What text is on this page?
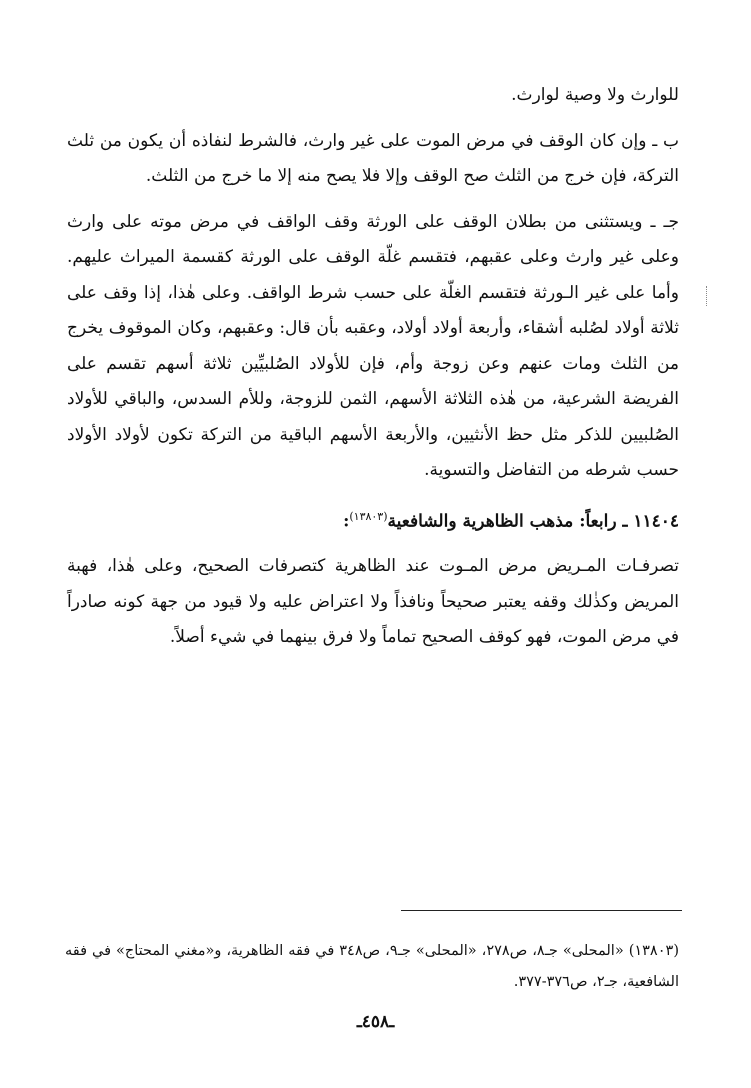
للوارث ولا وصية لوارث.

ب ـ وإن كان الوقف في مرض الموت على غير وارث، فالشرط لنفاذه أن يكون من ثلث التركة، فإن خرج من الثلث صح الوقف وإلا فلا يصح منه إلا ما خرج من الثلث.

جـ ـ ويستثنى من بطلان الوقف على الورثة وقف الواقف في مرض موته على وارث وعلى غير وارث وعلى عقبهم، فتقسم غلّة الوقف على الورثة كقسمة الميراث عليهم. وأما على غير الـورثة فتقسم الغلّة على حسب شرط الواقف. وعلى هٰذا، إذا وقف على ثلاثة أولاد لصُلبه أشقاء، وأربعة أولاد أولاد، وعقبه بأن قال: وعقبهم، وكان الموقوف يخرج من الثلث ومات عنهم وعن زوجة وأم، فإن للأولاد الصُلبيِّين ثلاثة أسهم تقسم على الفريضة الشرعية، من هٰذه الثلاثة الأسهم، الثمن للزوجة، وللأم السدس، والباقي للأولاد الصُلبيين للذكر مثل حظ الأنثيين، والأربعة الأسهم الباقية من التركة تكون لأولاد الأولاد حسب شرطه من التفاضل والتسوية.

١١٤٠٤ ـ رابعاً: مذهب الظاهرية والشافعية$^{(١٣٨٠٣)}$:

تصرفـات المـريض مرض المـوت عند الظاهرية كتصرفات الصحيح، وعلى هٰذا، فهبة المريض وكذٰلك وقفه يعتبر صحيحاً ونافذاً ولا اعتراض عليه ولا قيود من جهة كونه صادراً في مرض الموت، فهو كوقف الصحيح تماماً ولا فرق بينهما في شيء أصلاً.

(١٣٨٠٣) «المحلى» جـ٨، ص٢٧٨، «المحلى» جـ٩، ص٣٤٨ في فقه الظاهرية، و«مغني المحتاج» في فقه الشافعية، جـ٢، ص٣٧٦-٣٧٧.

ـ٤٥٨ـ
